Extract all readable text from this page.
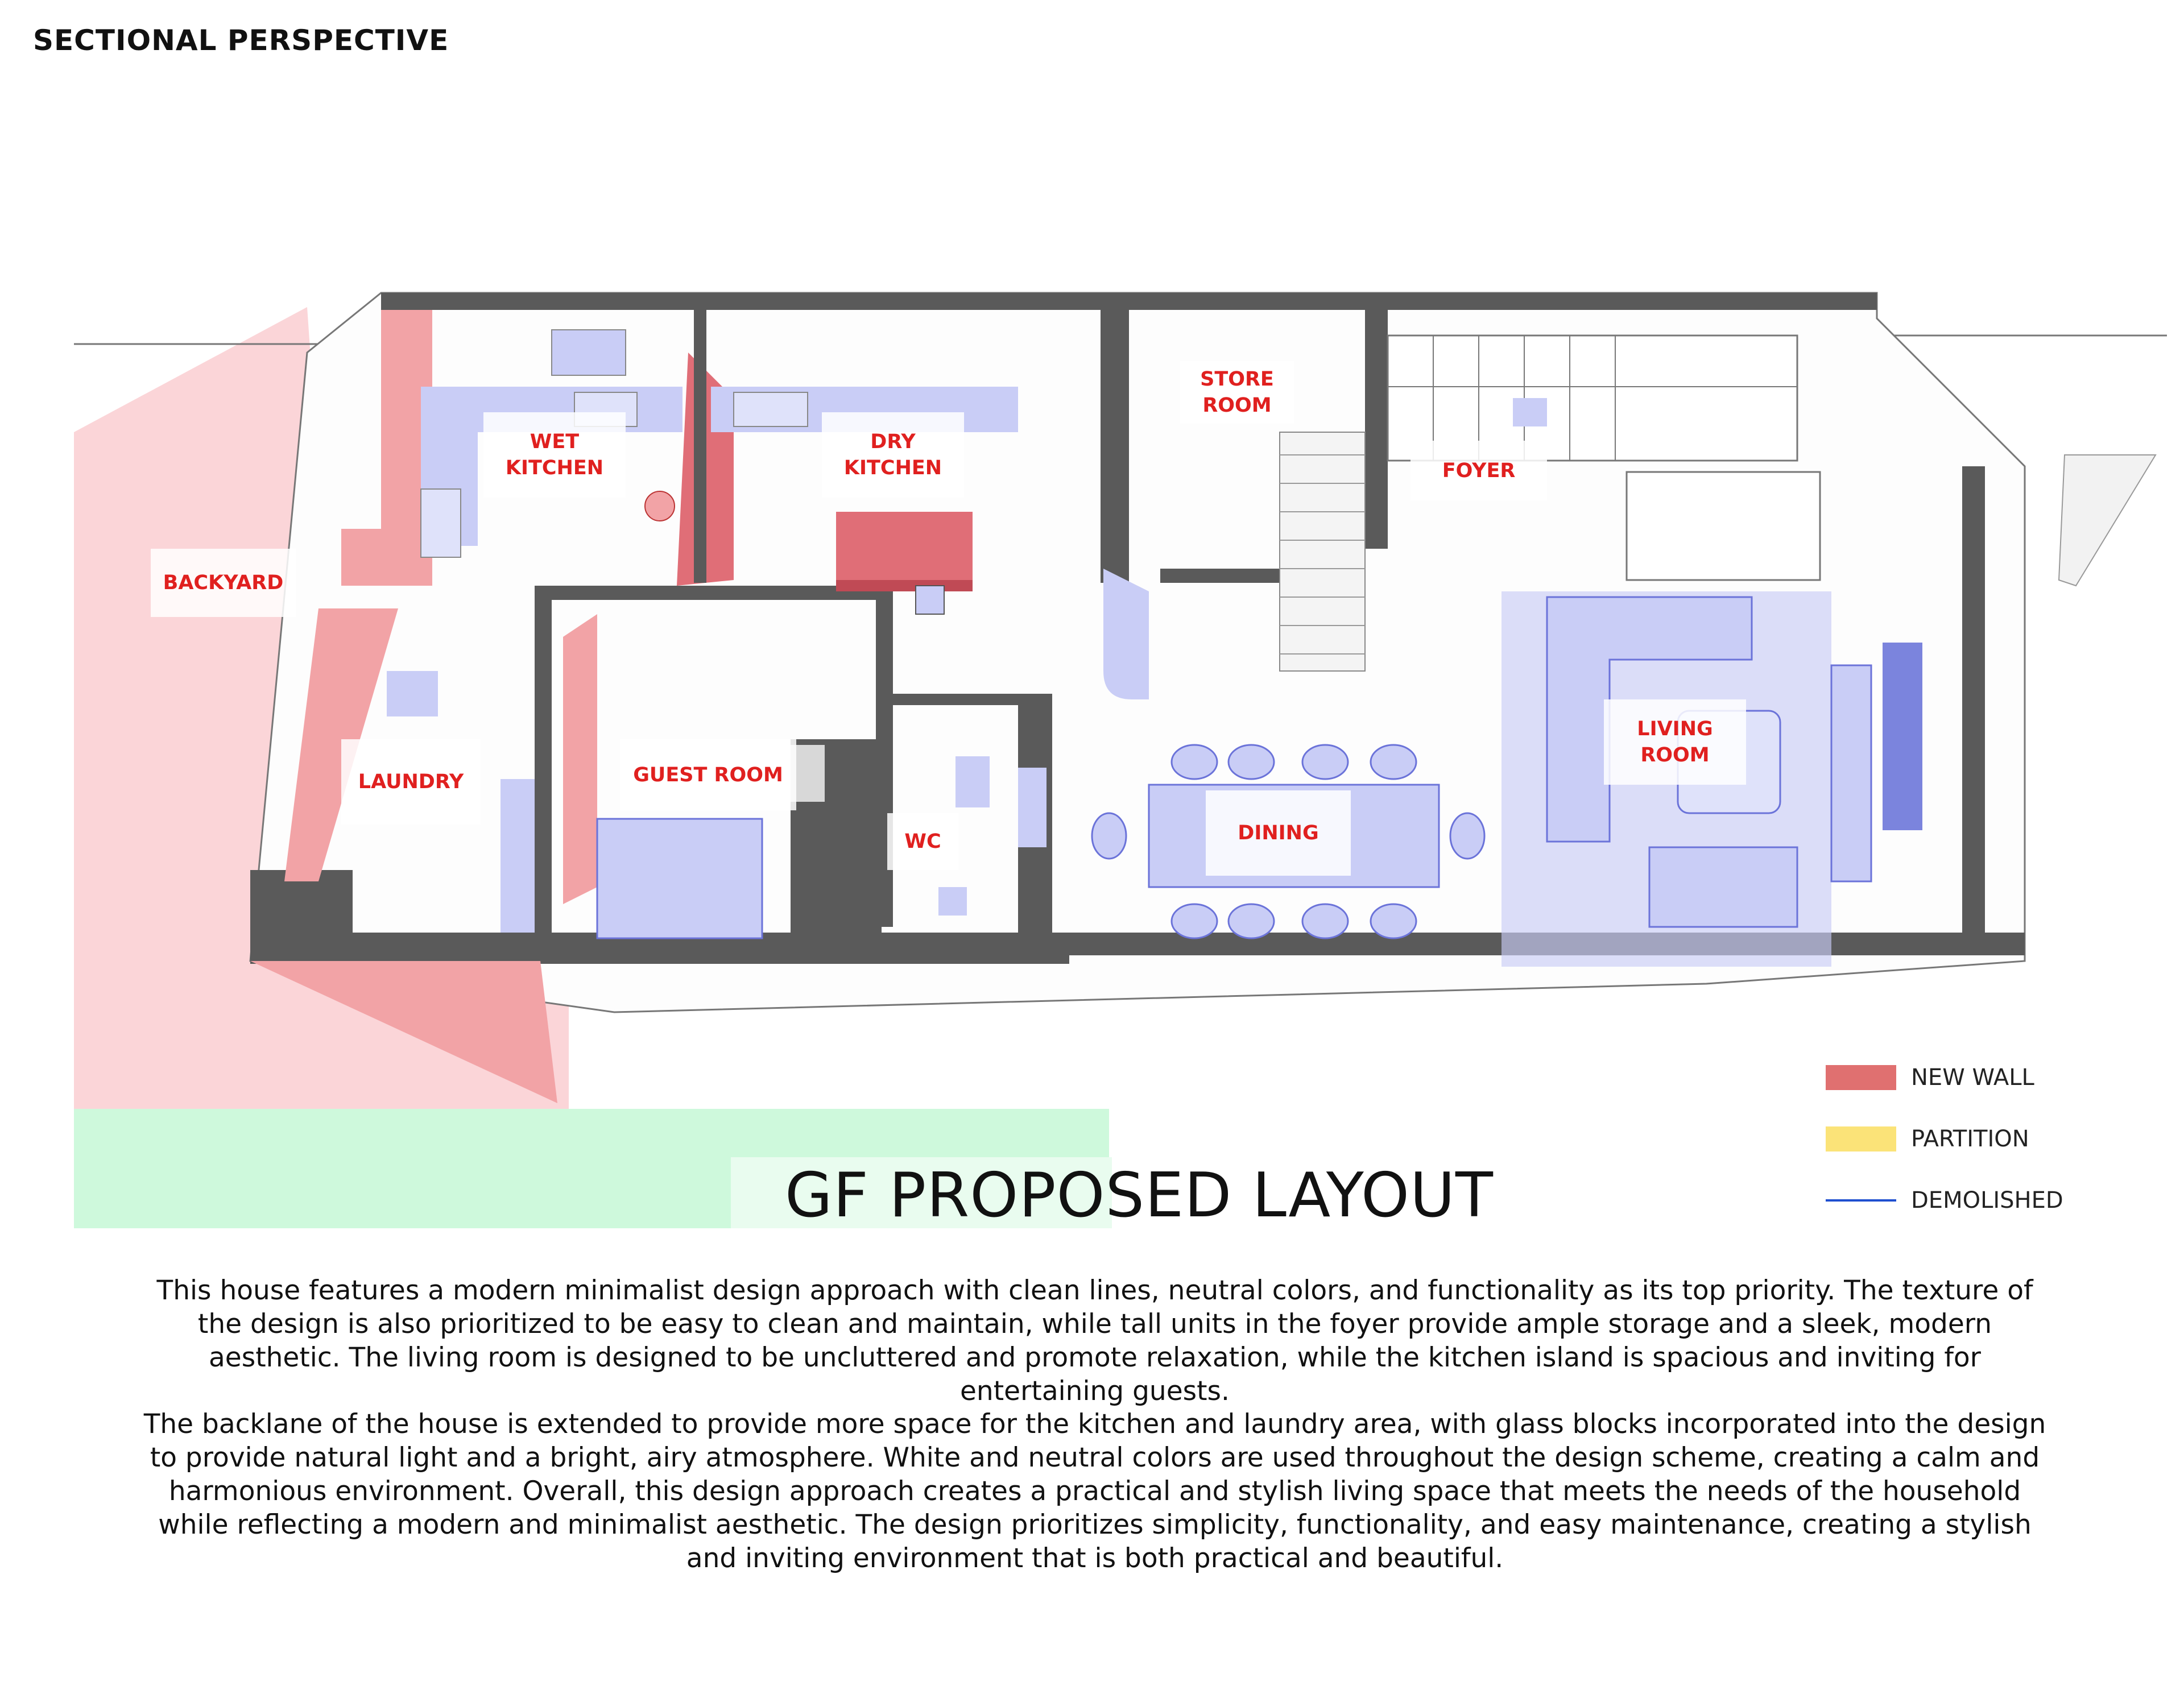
SECTIONAL PERSPECTIVE
BACKYARD
WET KITCHEN
DRY KITCHEN
STORE
ROOM
FOYER
LAUNDRY	GUEST ROOM
WC	DINING
LIVING
ROOM
NEW WALL
PARTITION
DEMOLISHED
GF PROPOSED LAYOUT
This house features a modern minimalist design approach with clean lines, neutral colors, and functionality as its top priority. The texture of the design is also prioritized to be easy to clean and maintain, while tall units in the foyer provide ample storage and a sleek, modern aesthetic. The living room is designed to be uncluttered and promote relaxation, while the kitchen island is spacious and inviting for entertaining guests.
The backlane of the house is extended to provide more space for the kitchen and laundry area, with glass blocks incorporated into the design to provide natural light and a bright, airy atmosphere. White and neutral colors are used throughout the design scheme, creating a calm and harmonious environment. Overall, this design approach creates a practical and stylish living space that meets the needs of the household while reflecting a modern and minimalist aesthetic. The design prioritizes simplicity, functionality, and easy maintenance, creating a stylish and inviting environment that is both practical and beautiful.
